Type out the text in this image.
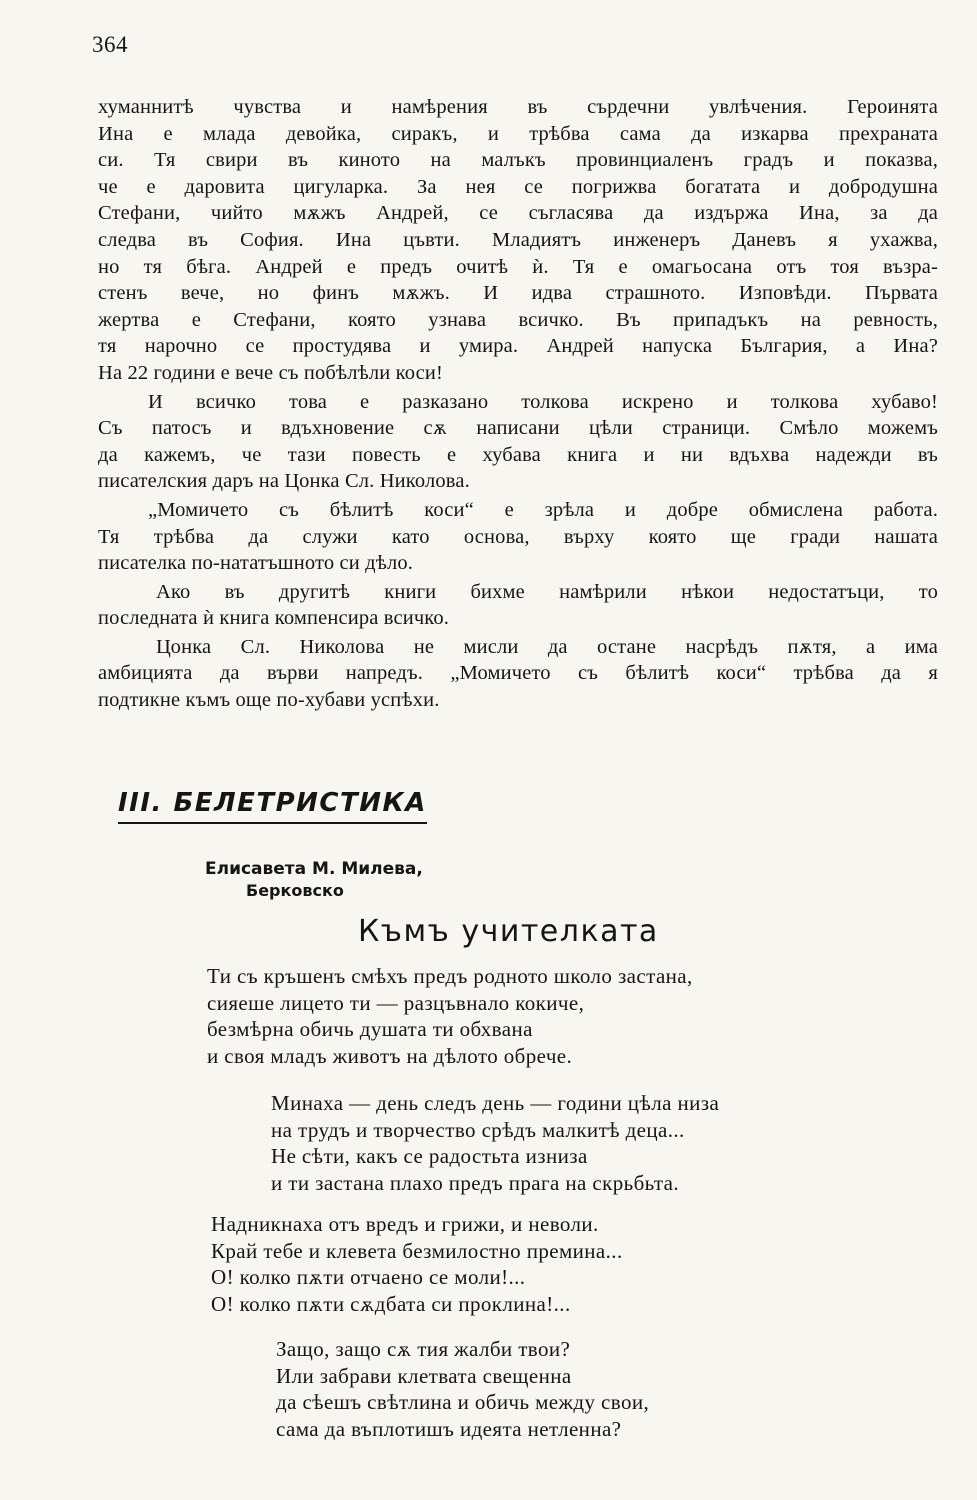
364
хуманнитѣ чувства и намѣрения въ сърдечни увлѣчения. Героинята
Ина е млада девойка, сиракъ, и трѣбва сама да изкарва прехраната
си. Тя свири въ киното на малъкъ провинциаленъ градъ и показва,
че е даровита цигуларка. За нея се погрижва богатата и добродушна
Стефани, чийто мѫжъ Андрей, се съгласява да издържа Ина, за да
следва въ София. Ина цъвти. Младиятъ инженеръ Даневъ я ухажва,
но тя бѣга. Андрей е предъ очитѣ ѝ. Тя е омагьосана отъ тоя възра-
стенъ вече, но финъ мѫжъ. И идва страшното. Изповѣди. Първата
жертва е Стефани, която узнава всичко. Въ припадъкъ на ревность,
тя нарочно се простудява и умира. Андрей напуска България, а Ина?
На 22 години е вече съ побѣлѣли коси!
И всичко това е разказано толкова искрено и толкова хубаво!
Съ патосъ и вдъхновение сѫ написани цѣли страници. Смѣло можемъ
да кажемъ, че тази повесть е хубава книга и ни вдъхва надежди въ
писателския даръ на Цонка Сл. Николова.
„Момичето съ бѣлитѣ коси“ е зрѣла и добре обмислена работа.
Тя трѣбва да служи като основа, върху която ще гради нашата
писателка по-нататъшното си дѣло.
Ако въ другитѣ книги бихме намѣрили нѣкои недостатъци, то
последната ѝ книга компенсира всичко.
Цонка Сл. Николова не мисли да остане насрѣдъ пѫтя, а има
амбицията да върви напредъ. „Момичето съ бѣлитѣ коси“ трѣбва да я
подтикне къмъ още по-хубави успѣхи.
III. БЕЛЕТРИСТИКА
Елисавета М. Милева,
Берковско
Къмъ учителката
Ти съ кръшенъ смѣхъ предъ родното школо застана,
сияеше лицето ти — разцъвнало кокиче,
безмѣрна обичь душата ти обхвана
и своя младъ животъ на дѣлото обрече.
Минаха — день следъ день — години цѣла низа
на трудъ и творчество срѣдъ малкитѣ деца...
Не сѣти, какъ се радостьта изниза
и ти застана плахо предъ прага на скрьбьта.
Надникнаха отъ вредъ и грижи, и неволи.
Край тебе и клевета безмилостно премина...
О! колко пѫти отчаено се моли!...
О! колко пѫти сѫдбата си проклина!...
Защо, защо сѫ тия жалби твои?
Или забрави клетвата свещенна
да сѣешъ свѣтлина и обичь между свои,
сама да въплотишъ идеята нетленна?
